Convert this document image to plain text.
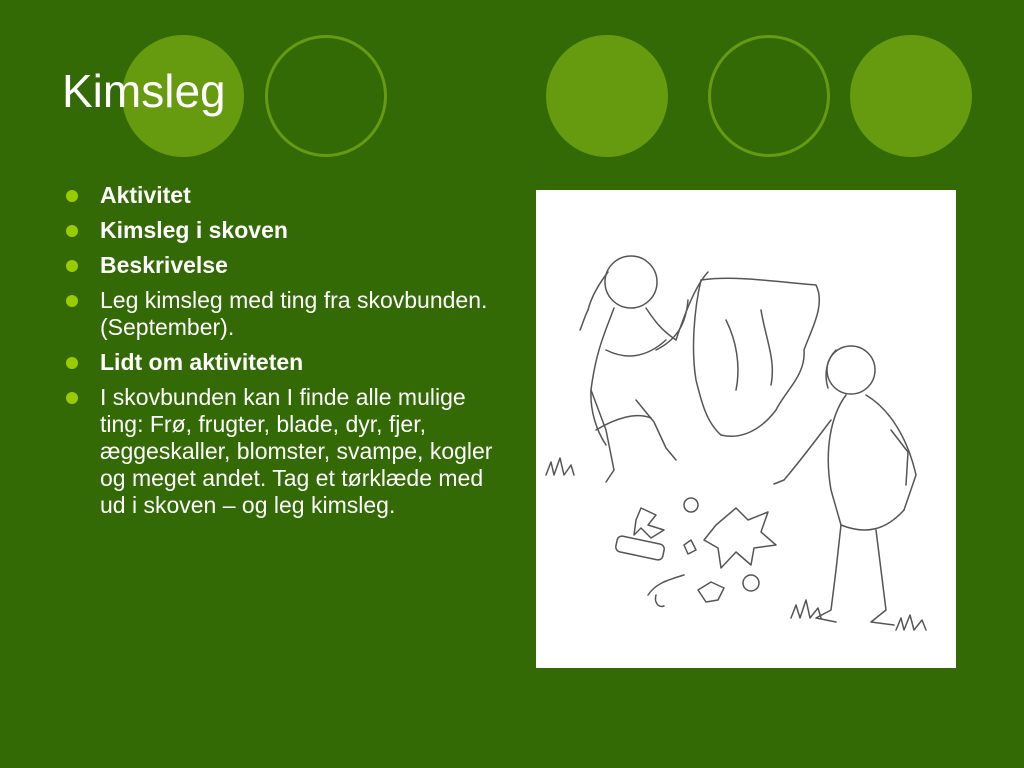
Kimsleg
Aktivitet
Kimsleg i skoven
Beskrivelse
Leg kimsleg med ting fra skovbunden. (September).
Lidt om aktiviteten
I skovbunden kan I finde alle mulige ting: Frø, frugter, blade, dyr, fjer, æggeskaller, blomster, svampe, kogler og meget andet. Tag et tørklæde med ud i skoven – og leg kimsleg.
